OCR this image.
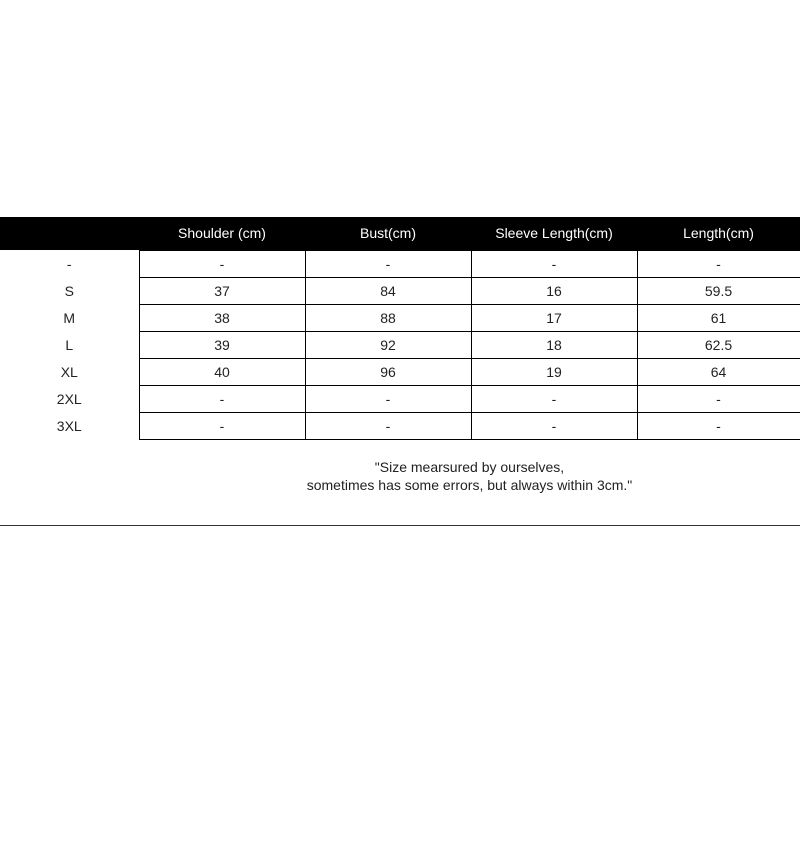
	Shoulder (cm)	Bust(cm)	Sleeve Length(cm)	Length(cm)
-	-	-	-	-
S	37	84	16	59.5
M	38	88	17	61
L	39	92	18	62.5
XL	40	96	19	64
2XL	-	-	-	-
3XL	-	-	-	-
"Size mearsured by ourselves,
sometimes has some errors, but always within 3cm."
